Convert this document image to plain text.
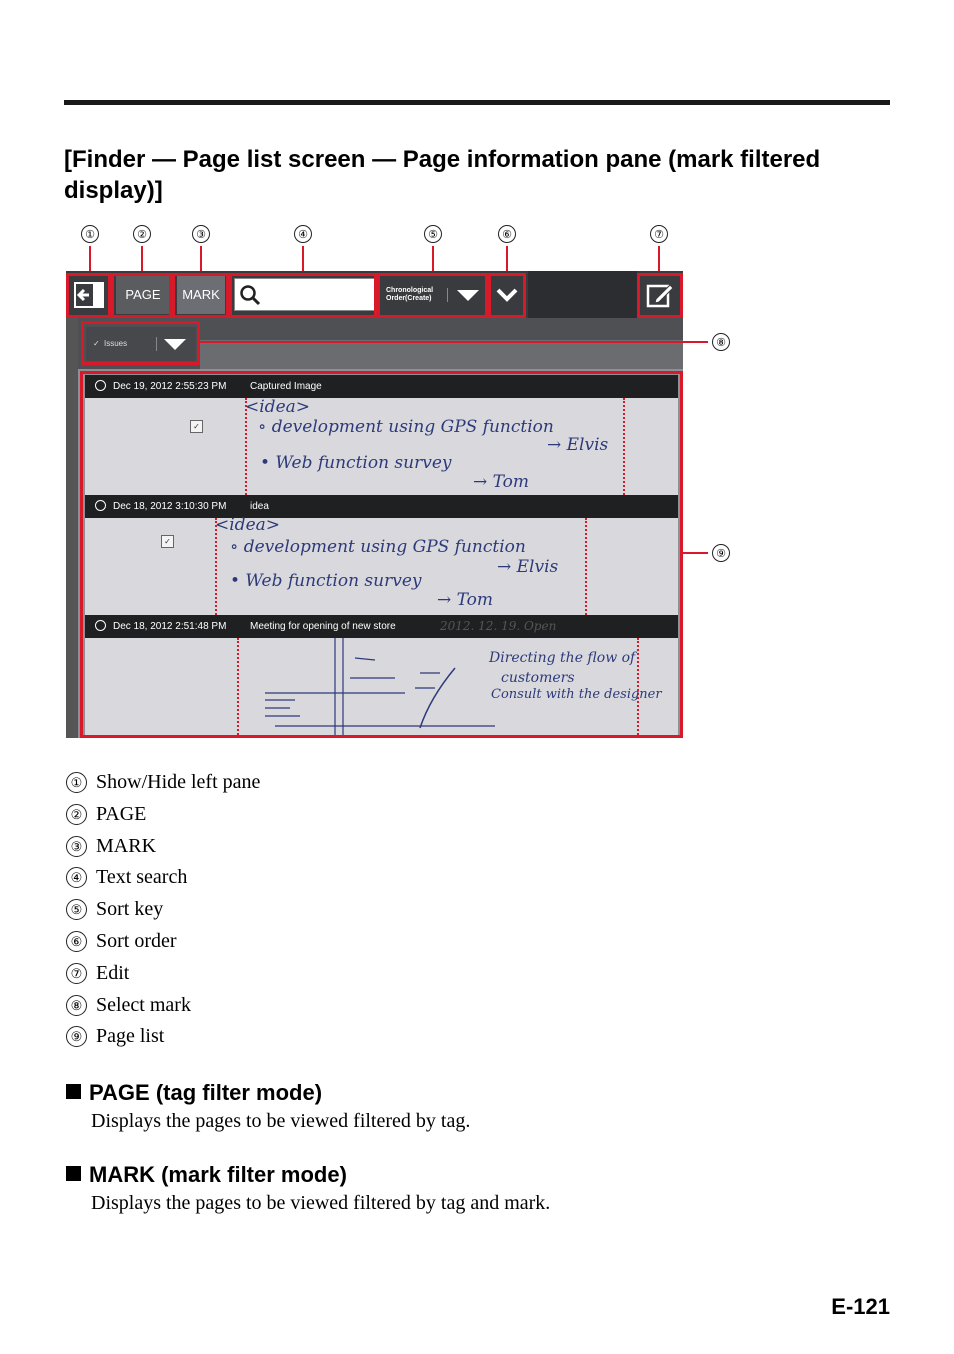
[Finder — Page list screen — Page information pane (mark filtered display)]
①	②	③	④	⑤	⑥	⑦
PAGE	MARK	Chronological
Order(Create)
✓ Issues	⑧
Dec 19, 2012 2:55:23 PM Captured Image
✓
<idea>
∘ development using GPS function
→ Elvis
• Web function survey
→ Tom
Dec 18, 2012 3:10:30 PM idea
✓
<idea>
∘ development using GPS function
→ Elvis
• Web function survey
→ Tom
Dec 18, 2012 2:51:48 PM Meeting for opening of new store	2012. 12. 19. Open
Directing the flow of
customers
Consult with the designer
⑨
① Show/Hide left pane
② PAGE
③ MARK
④ Text search
⑤ Sort key
⑥ Sort order
⑦ Edit
⑧ Select mark
⑨ Page list
PAGE (tag filter mode)

Displays the pages to be viewed filtered by tag.

MARK (mark filter mode)

Displays the pages to be viewed filtered by tag and mark.

E-121
